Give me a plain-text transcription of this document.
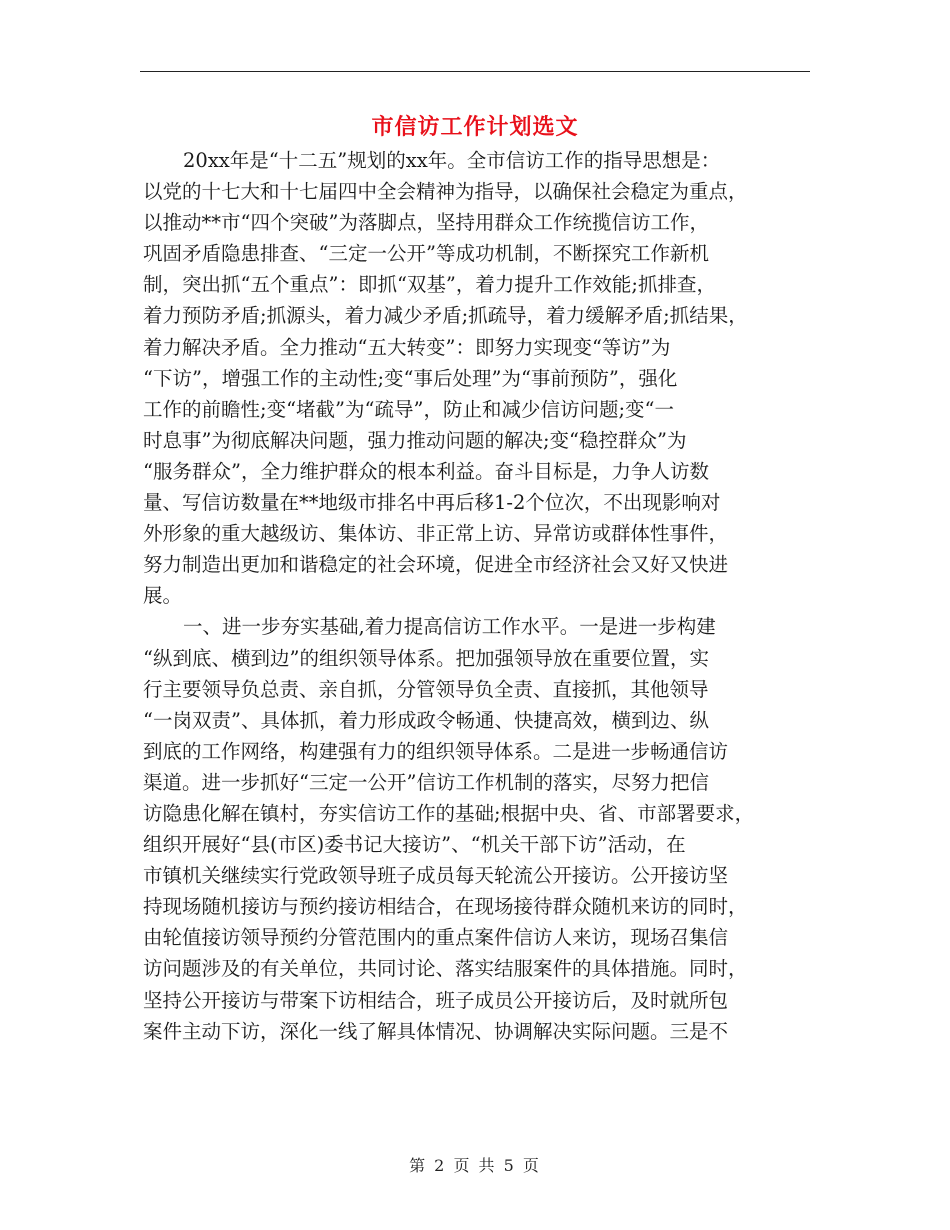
市信访工作计划选文
20xx年是“十二五”规划的xx年。全市信访工作的指导思想是：
以党的十七大和十七届四中全会精神为指导，以确保社会稳定为重点，
以推动**市“四个突破”为落脚点，坚持用群众工作统揽信访工作，
巩固矛盾隐患排查、“三定一公开”等成功机制，不断探究工作新机
制，突出抓“五个重点”：即抓“双基”，着力提升工作效能;抓排查，
着力预防矛盾;抓源头，着力减少矛盾;抓疏导，着力缓解矛盾;抓结果，
着力解决矛盾。全力推动“五大转变”：即努力实现变“等访”为
“下访”，增强工作的主动性;变“事后处理”为“事前预防”，强化
工作的前瞻性;变“堵截”为“疏导”，防止和减少信访问题;变“一
时息事”为彻底解决问题，强力推动问题的解决;变“稳控群众”为
“服务群众”，全力维护群众的根本利益。奋斗目标是，力争人访数
量、写信访数量在**地级市排名中再后移1-2个位次，不出现影响对
外形象的重大越级访、集体访、非正常上访、异常访或群体性事件，
努力制造出更加和谐稳定的社会环境，促进全市经济社会又好又快进
展。
一、进一步夯实基础,着力提高信访工作水平。一是进一步构建
“纵到底、横到边”的组织领导体系。把加强领导放在重要位置，实
行主要领导负总责、亲自抓，分管领导负全责、直接抓，其他领导
“一岗双责”、具体抓，着力形成政令畅通、快捷高效，横到边、纵
到底的工作网络，构建强有力的组织领导体系。二是进一步畅通信访
渠道。进一步抓好“三定一公开”信访工作机制的落实，尽努力把信
访隐患化解在镇村，夯实信访工作的基础;根据中央、省、市部署要求，
组织开展好“县(市区)委书记大接访”、“机关干部下访”活动，在
市镇机关继续实行党政领导班子成员每天轮流公开接访。公开接访坚
持现场随机接访与预约接访相结合，在现场接待群众随机来访的同时，
由轮值接访领导预约分管范围内的重点案件信访人来访，现场召集信
访问题涉及的有关单位，共同讨论、落实结服案件的具体措施。同时，
坚持公开接访与带案下访相结合，班子成员公开接访后，及时就所包
案件主动下访，深化一线了解具体情况、协调解决实际问题。三是不
第 2 页 共 5 页
